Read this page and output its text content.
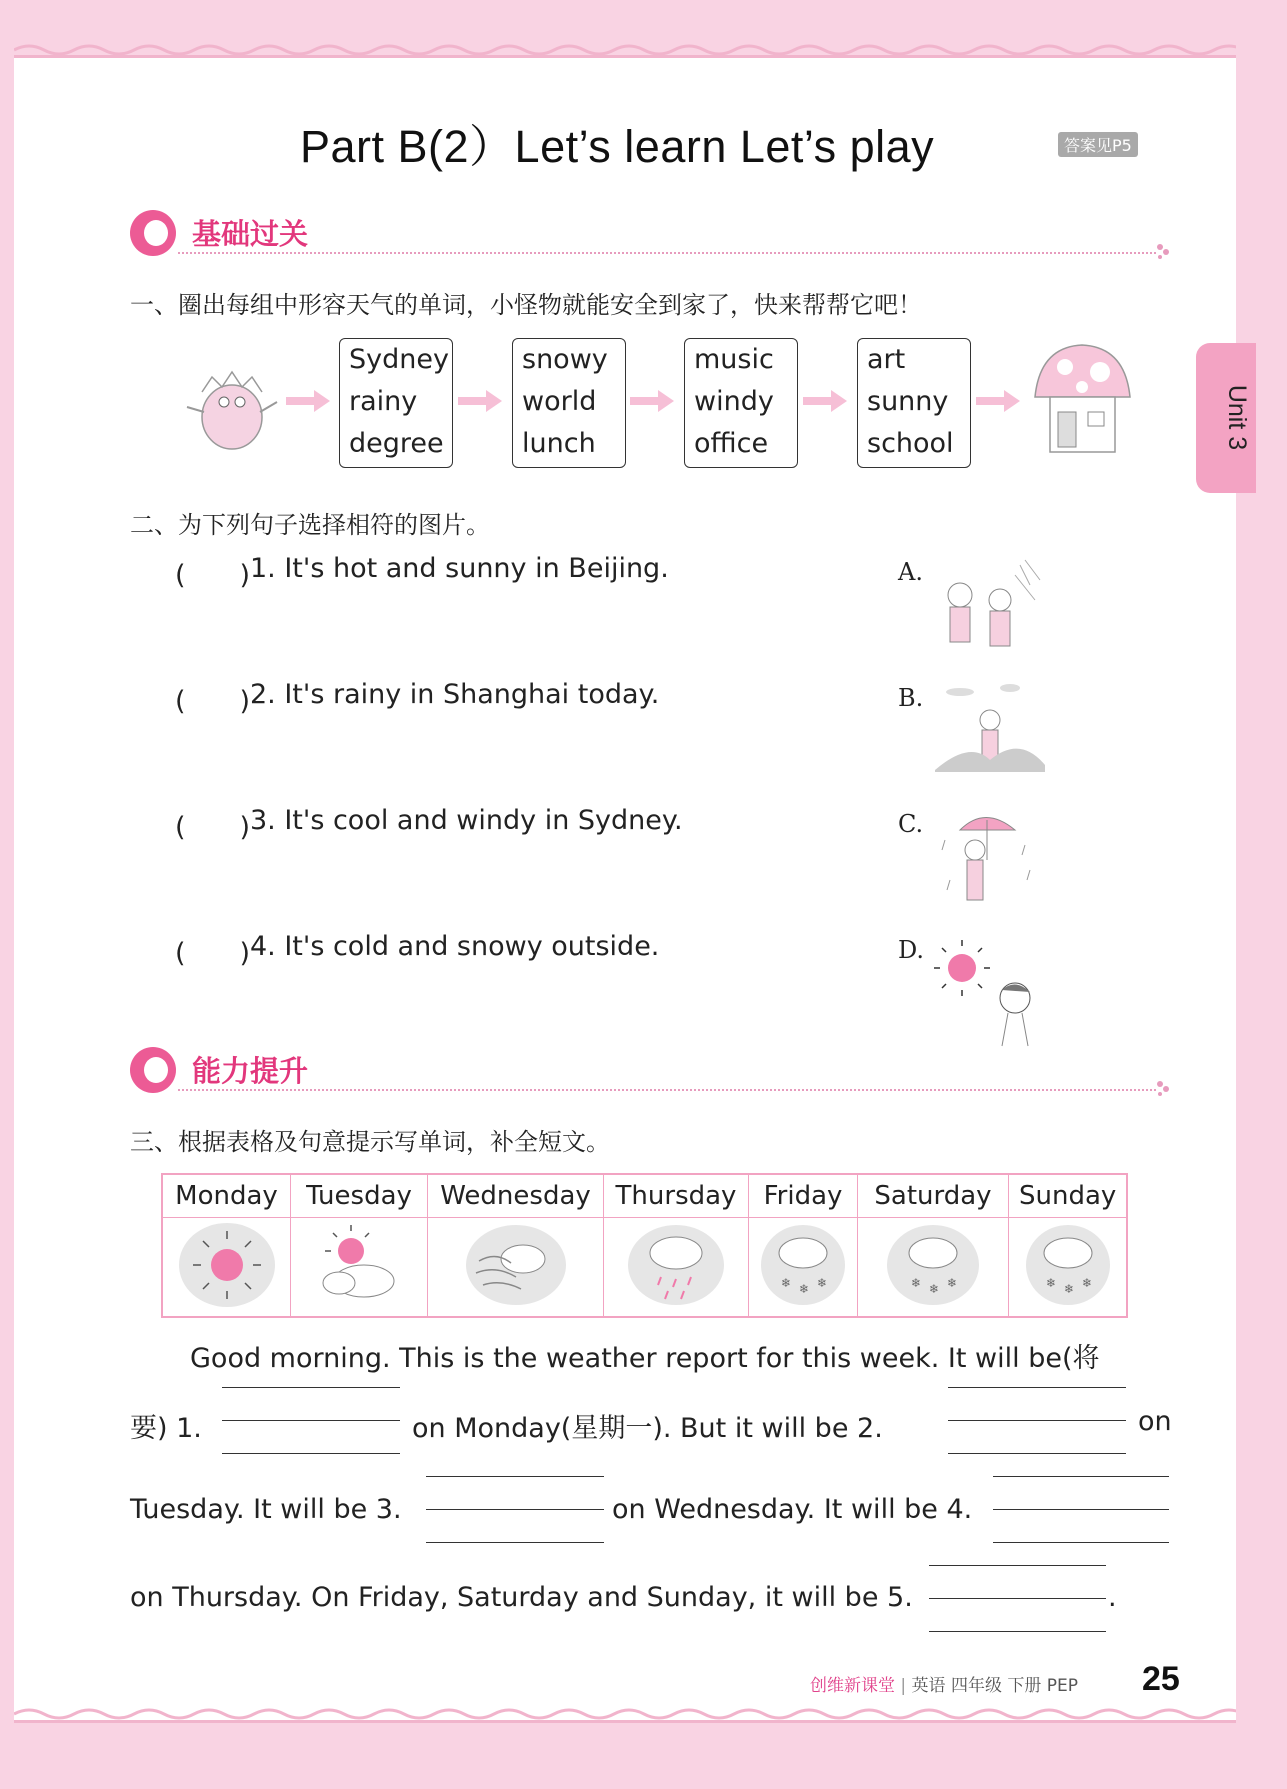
Part B(2）Let’s learn Let’s play	答案见P5
Unit 3
基础过关
一、圈出每组中形容天气的单词，小怪物就能安全到家了，快来帮帮它吧！
Sydney
rainy
degree
snowy
world
lunch
music
windy
office
art
sunny
school
二、为下列句子选择相符的图片。
(　　) 1. It's hot and sunny in Beijing.	A.
(　　) 2. It's rainy in Shanghai today.	B.
(　　) 3. It's cool and windy in Sydney.	C.
(　　) 4. It's cold and snowy outside.	D.
能力提升
三、根据表格及句意提示写单词，补全短文。
Monday	Tuesday	Wednesday	Thursday	Friday	Saturday	Sunday

❄ ❄ ❄	❄ ❄ ❄	❄ ❄ ❄
Good morning. This is the weather report for this week. It will be(将
要) 1.	on Monday(星期一). But it will be 2.	on
Tuesday. It will be 3.	on Wednesday. It will be 4.
on Thursday. On Friday, Saturday and Sunday, it will be 5.	.
创维新课堂 | 英语 四年级 下册 PEP 25
